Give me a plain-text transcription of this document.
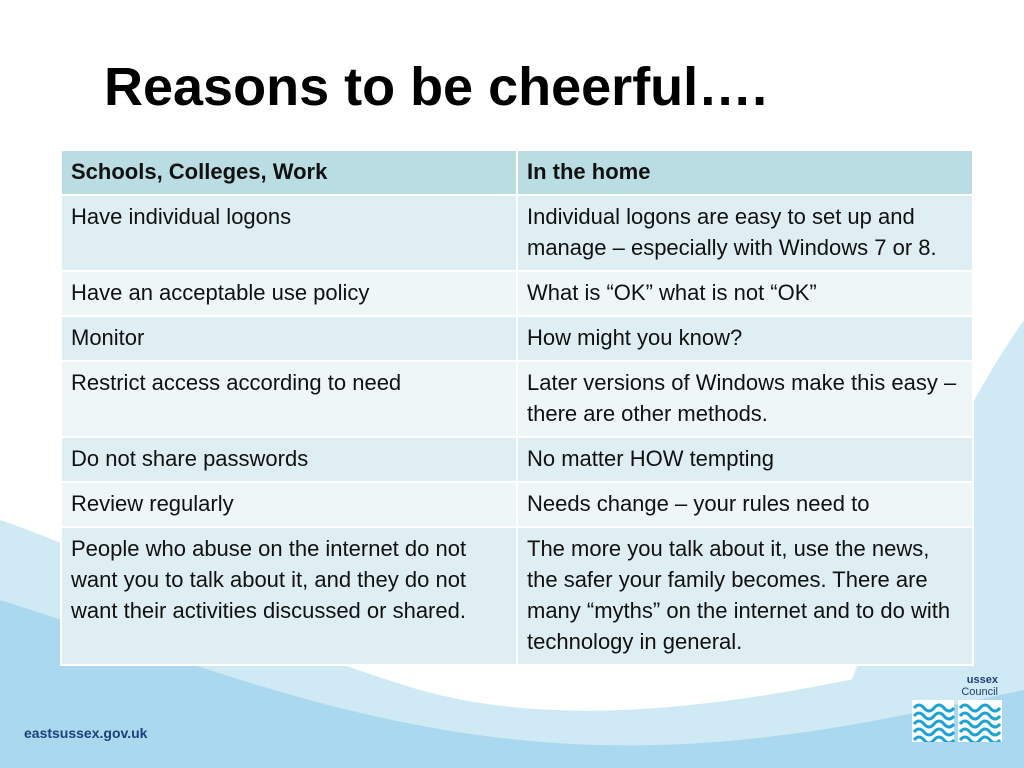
Reasons to be cheerful….
Schools, Colleges, Work	In the home
Have individual logons	Individual logons are easy to set up and manage – especially with Windows 7 or 8.
Have an acceptable use policy	What is “OK” what is not “OK”
Monitor	How might you know?
Restrict access according to need	Later versions of Windows make this easy – there are other methods.
Do not share passwords	No matter HOW tempting
Review regularly	Needs change – your rules need to
People who abuse on the internet do not want you to talk about it, and they do not want their activities discussed or shared.	The more you talk about it, use the news, the safer your family becomes. There are many “myths” on the internet and to do with technology in general.
ussex
Council
eastsussex.gov.uk
